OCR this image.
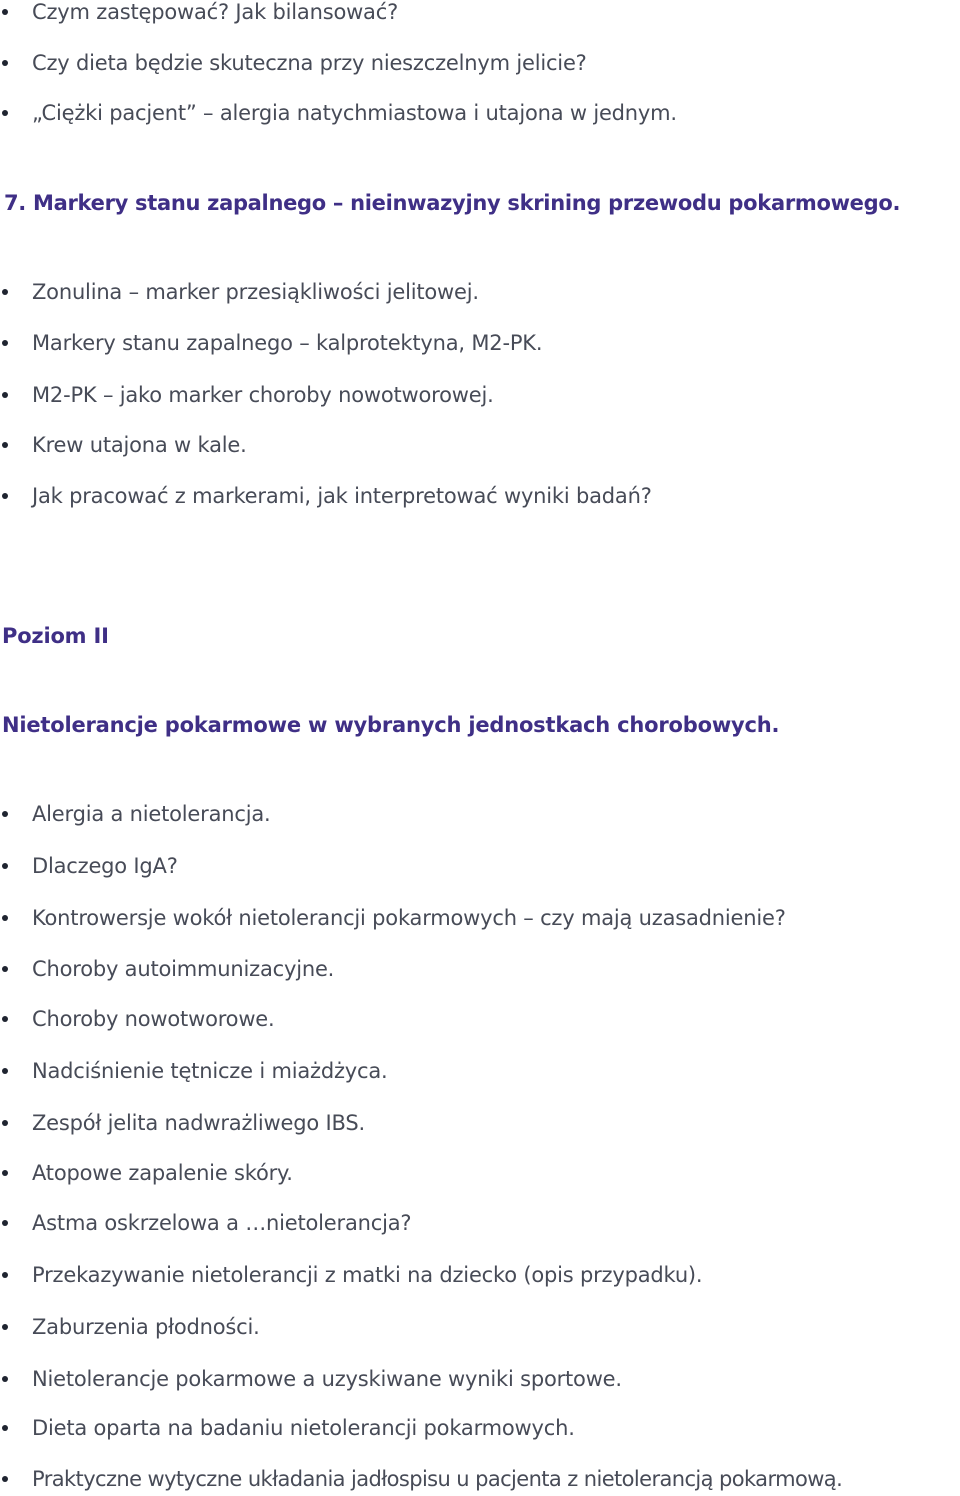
Czym zastępować? Jak bilansować?
Czy dieta będzie skuteczna przy nieszczelnym jelicie?
„Ciężki pacjent” – alergia natychmiastowa i utajona w jednym.
7. Markery stanu zapalnego – nieinwazyjny skrining przewodu pokarmowego.
Zonulina – marker przesiąkliwości jelitowej.
Markery stanu zapalnego – kalprotektyna, M2-PK.
M2-PK – jako marker choroby nowotworowej.
Krew utajona w kale.
Jak pracować z markerami, jak interpretować wyniki badań?
Poziom II
Nietolerancje pokarmowe w wybranych jednostkach chorobowych.
Alergia a nietolerancja.
Dlaczego IgA?
Kontrowersje wokół nietolerancji pokarmowych – czy mają uzasadnienie?
Choroby autoimmunizacyjne.
Choroby nowotworowe.
Nadciśnienie tętnicze i miażdżyca.
Zespół jelita nadwrażliwego IBS.
Atopowe zapalenie skóry.
Astma oskrzelowa a …nietolerancja?
Przekazywanie nietolerancji z matki na dziecko (opis przypadku).
Zaburzenia płodności.
Nietolerancje pokarmowe a uzyskiwane wyniki sportowe.
Dieta oparta na badaniu nietolerancji pokarmowych.
Praktyczne wytyczne układania jadłospisu u pacjenta z nietolerancją pokarmową.
